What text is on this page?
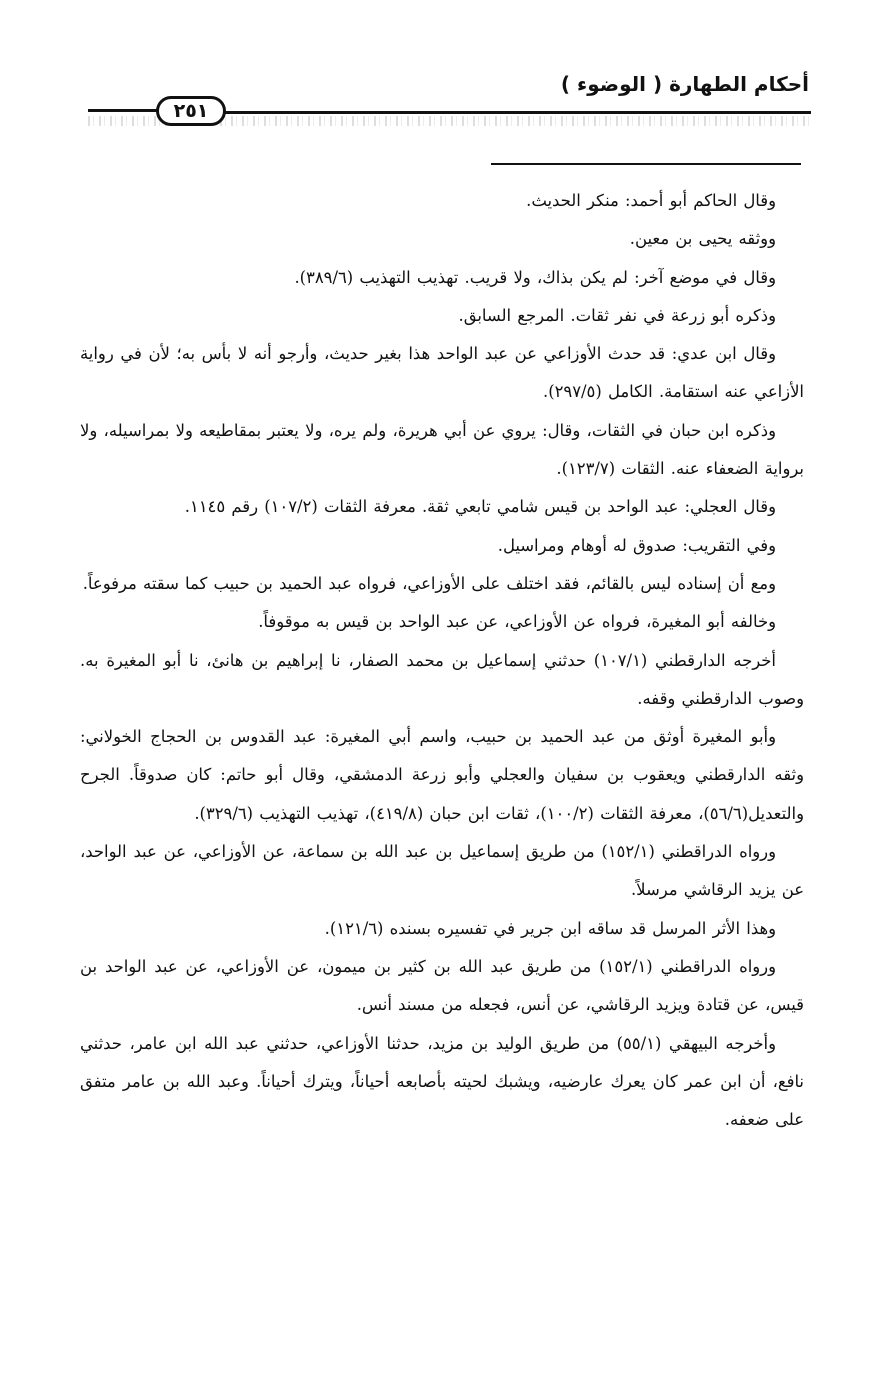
أحكام الطهارة ( الوضوء )
٢٥١

وقال الحاكم أبو أحمد: منكر الحديث.

ووثقه يحيى بن معين.

وقال في موضع آخر: لم يكن بذاك، ولا قريب. تهذيب التهذيب (٣٨٩/٦).

وذكره أبو زرعة في نفر ثقات. المرجع السابق.

وقال ابن عدي: قد حدث الأوزاعي عن عبد الواحد هذا بغير حديث، وأرجو أنه لا بأس به؛ لأن في رواية الأزاعي عنه استقامة. الكامل (٢٩٧/٥).

وذكره ابن حبان في الثقات، وقال: يروي عن أبي هريرة، ولم يره، ولا يعتبر بمقاطيعه ولا بمراسيله، ولا برواية الضعفاء عنه. الثقات (١٢٣/٧).

وقال العجلي: عبد الواحد بن قيس شامي تابعي ثقة. معرفة الثقات (١٠٧/٢) رقم ١١٤٥.

وفي التقريب: صدوق له أوهام ومراسيل.

ومع أن إسناده ليس بالقائم، فقد اختلف على الأوزاعي، فرواه عبد الحميد بن حبيب كما سقته مرفوعاً.

وخالفه أبو المغيرة، فرواه عن الأوزاعي، عن عبد الواحد بن قيس به موقوفاً.

أخرجه الدارقطني (١٠٧/١) حدثني إسماعيل بن محمد الصفار، نا إبراهيم بن هانئ، نا أبو المغيرة به. وصوب الدارقطني وقفه.

وأبو المغيرة أوثق من عبد الحميد بن حبيب، واسم أبي المغيرة: عبد القدوس بن الحجاج الخولاني: وثقه الدارقطني ويعقوب بن سفيان والعجلي وأبو زرعة الدمشقي، وقال أبو حاتم: كان صدوقاً. الجرح والتعديل(٥٦/٦)، معرفة الثقات (١٠٠/٢)، ثقات ابن حبان (٤١٩/٨)، تهذيب التهذيب (٣٢٩/٦).

ورواه الدراقطني (١٥٢/١) من طريق إسماعيل بن عبد الله بن سماعة، عن الأوزاعي، عن عبد الواحد، عن يزيد الرقاشي مرسلاً.

وهذا الأثر المرسل قد ساقه ابن جرير في تفسيره بسنده (١٢١/٦).

ورواه الدراقطني (١٥٢/١) من طريق عبد الله بن كثير بن ميمون، عن الأوزاعي، عن عبد الواحد بن قيس، عن قتادة ويزيد الرقاشي، عن أنس، فجعله من مسند أنس.

وأخرجه البيهقي (٥٥/١) من طريق الوليد بن مزيد، حدثنا الأوزاعي، حدثني عبد الله ابن عامر، حدثني نافع، أن ابن عمر كان يعرك عارضيه، ويشبك لحيته بأصابعه أحياناً، ويترك أحياناً. وعبد الله بن عامر متفق على ضعفه.
